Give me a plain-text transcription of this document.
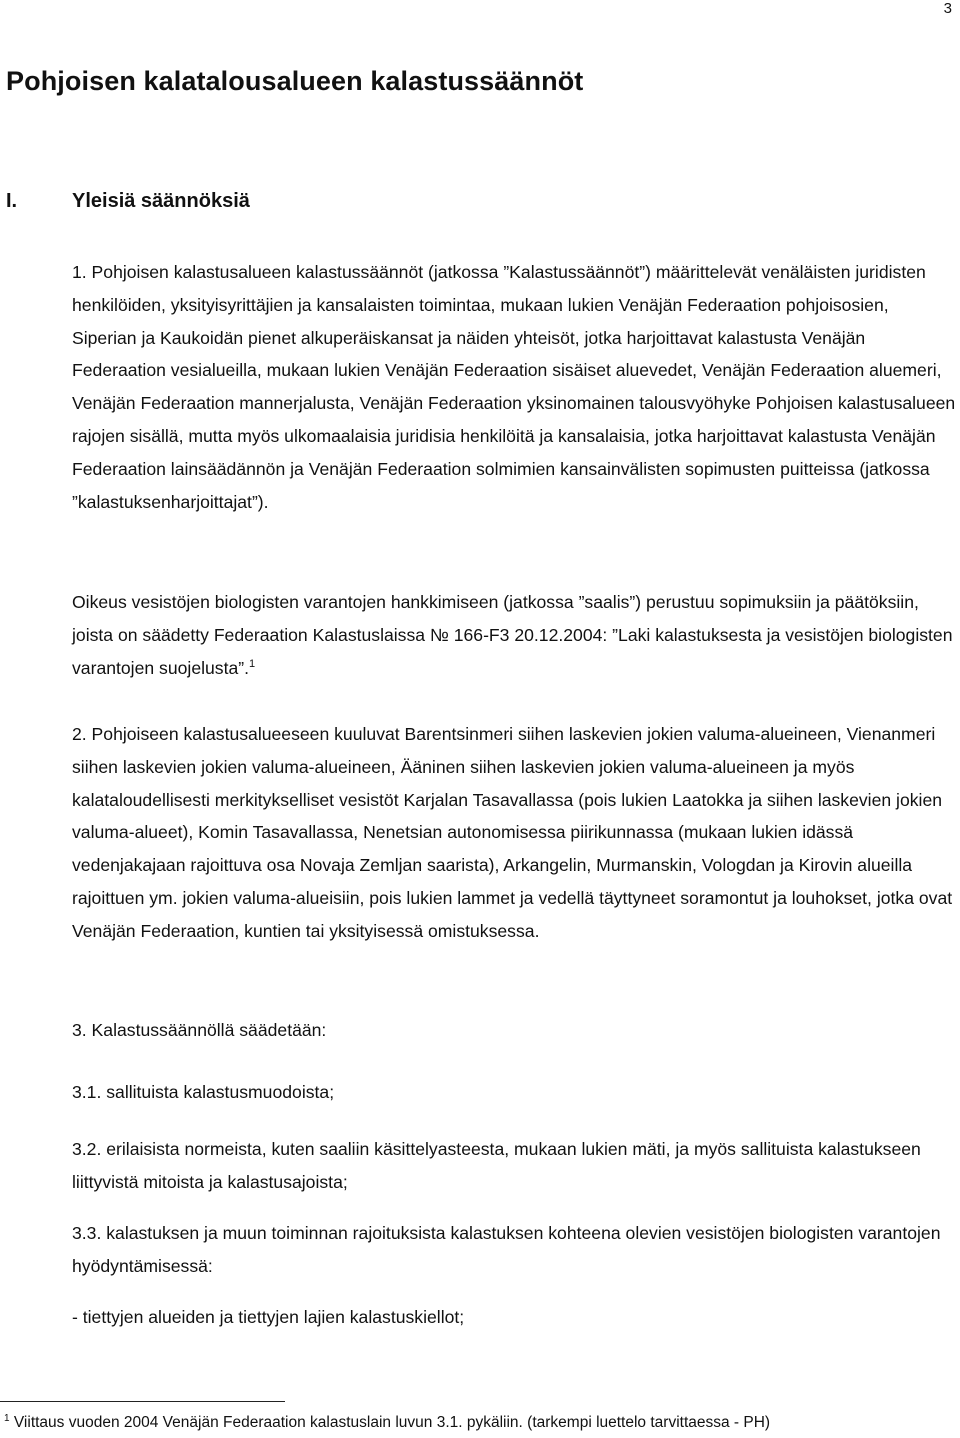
3
Pohjoisen kalatalousalueen kalastussäännöt
I.	Yleisiä säännöksiä

1. Pohjoisen kalastusalueen kalastussäännöt (jatkossa ”Kalastussäännöt”) määrittelevät venäläisten juridisten henkilöiden, yksityisyrittäjien ja kansalaisten toimintaa, mukaan lukien Venäjän Federaation pohjoisosien, Siperian ja Kaukoidän pienet alkuperäiskansat ja näiden yhteisöt, jotka harjoittavat kalastusta Venäjän Federaation vesialueilla, mukaan lukien Venäjän Federaation sisäiset aluevedet, Venäjän Federaation aluemeri, Venäjän Federaation mannerjalusta, Venäjän Federaation yksinomainen talousvyöhyke Pohjoisen kalastusalueen rajojen sisällä, mutta myös ulkomaalaisia juridisia henkilöitä ja kansalaisia, jotka harjoittavat kalastusta Venäjän Federaation lainsäädännön ja Venäjän Federaation solmimien kansainvälisten sopimusten puitteissa (jatkossa ”kalastuksenharjoittajat”).

Oikeus vesistöjen biologisten varantojen hankkimiseen (jatkossa ”saalis”) perustuu sopimuksiin ja päätöksiin, joista on säädetty Federaation Kalastuslaissa № 166-F3 20.12.2004: ”Laki kalastuksesta ja vesistöjen biologisten varantojen suojelusta”.$^1$

2. Pohjoiseen kalastusalueeseen kuuluvat Barentsinmeri siihen laskevien jokien valuma-alueineen, Vienanmeri siihen laskevien jokien valuma-alueineen, Ääninen siihen laskevien jokien valuma-alueineen ja myös kalataloudellisesti merkitykselliset vesistöt Karjalan Tasavallassa (pois lukien Laatokka ja siihen laskevien jokien valuma-alueet), Komin Tasavallassa, Nenetsian autonomisessa piirikunnassa (mukaan lukien idässä vedenjakajaan rajoittuva osa Novaja Zemljan saarista), Arkangelin, Murmanskin, Vologdan ja Kirovin alueilla rajoittuen ym. jokien valuma-alueisiin, pois lukien lammet ja vedellä täyttyneet soramontut ja louhokset, jotka ovat Venäjän Federaation, kuntien tai yksityisessä omistuksessa.

3. Kalastussäännöllä säädetään:

3.1. sallituista kalastusmuodoista;

3.2. erilaisista normeista, kuten saaliin käsittelyasteesta, mukaan lukien mäti, ja myös sallituista kalastukseen liittyvistä mitoista ja kalastusajoista;

3.3. kalastuksen ja muun toiminnan rajoituksista kalastuksen kohteena olevien vesistöjen biologisten varantojen hyödyntämisessä:

- tiettyjen alueiden ja tiettyjen lajien kalastuskiellot;

$^1$ Viittaus vuoden 2004 Venäjän Federaation kalastuslain luvun 3.1. pykäliin. (tarkempi luettelo tarvittaessa - PH)
